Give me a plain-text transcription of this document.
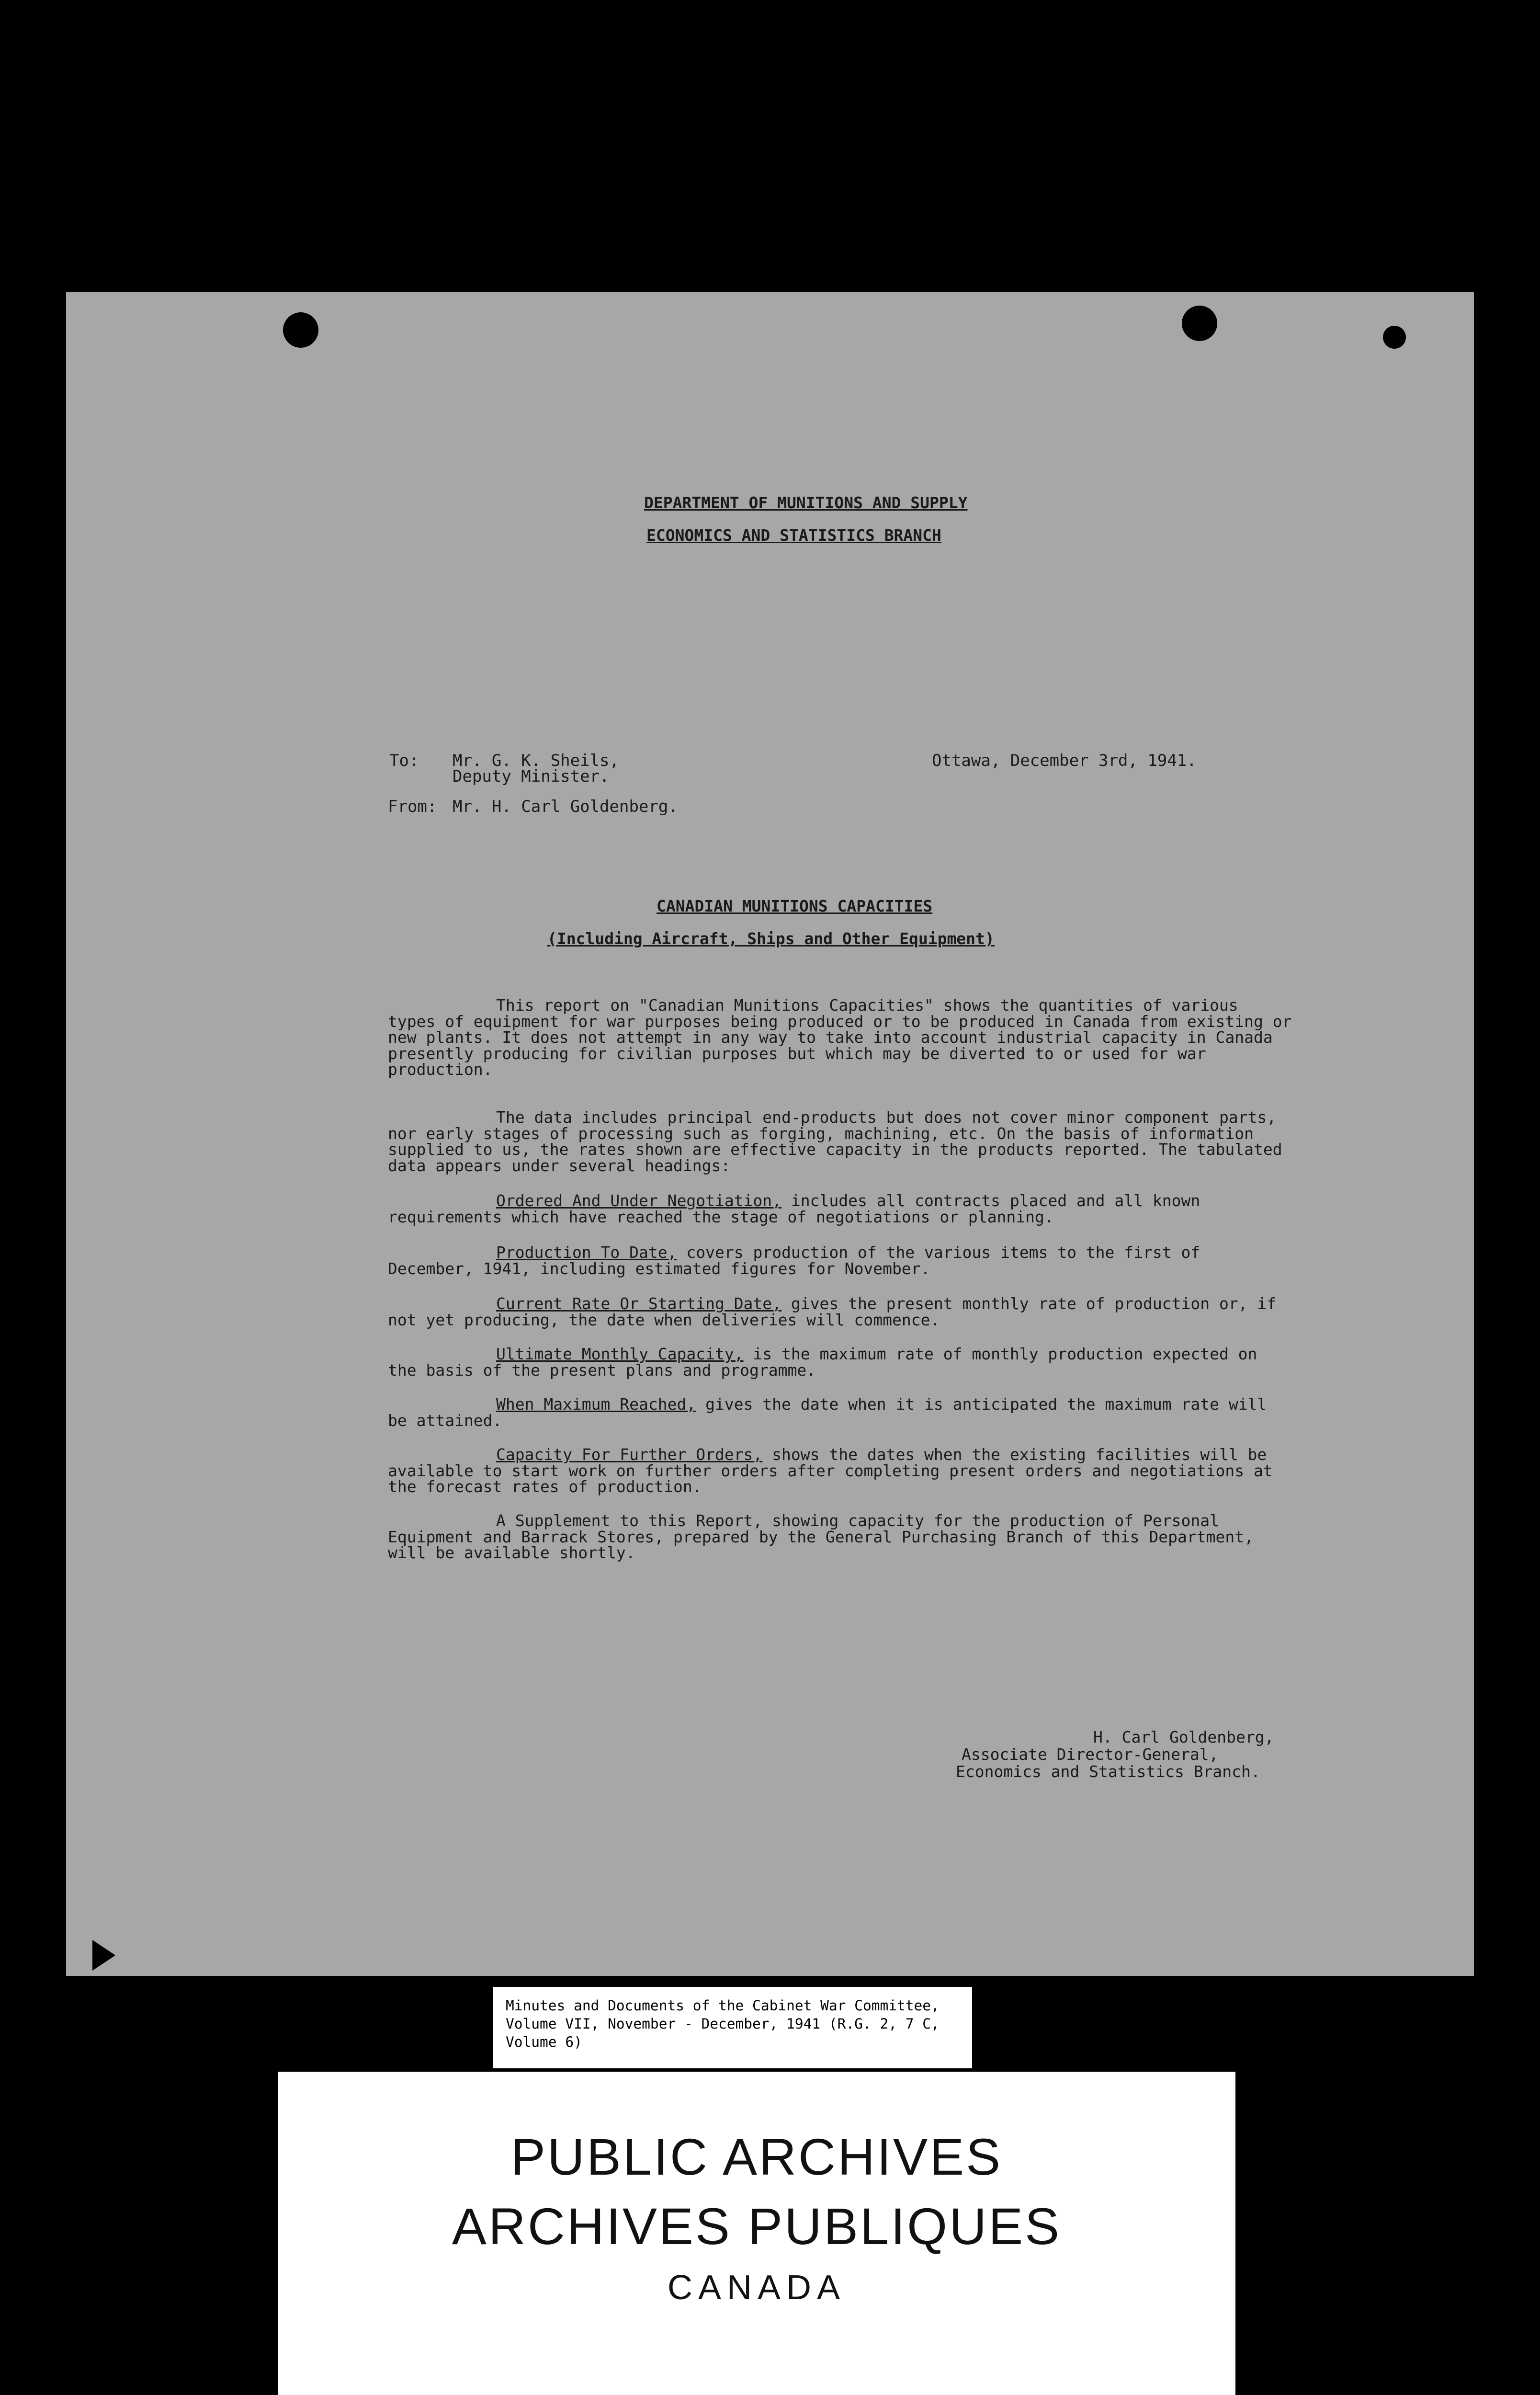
DEPARTMENT OF MUNITIONS AND SUPPLY
ECONOMICS AND STATISTICS BRANCH
To: Mr. G. K. Sheils,
Deputy Minister.
Ottawa, December 3rd, 1941.
From: Mr. H. Carl Goldenberg.
CANADIAN MUNITIONS CAPACITIES
(Including Aircraft, Ships and Other Equipment)
This report on "Canadian Munitions Capacities" shows the quantities of various types of equipment for war purposes being produced or to be produced in Canada from existing or new plants. It does not attempt in any way to take into account industrial capacity in Canada presently producing for civilian purposes but which may be diverted to or used for war production.
The data includes principal end-products but does not cover minor component parts, nor early stages of processing such as forging, machining, etc. On the basis of information supplied to us, the rates shown are effective capacity in the products reported. The tabulated data appears under several headings:
Ordered And Under Negotiation, includes all contracts placed and all known requirements which have reached the stage of negotiations or planning.
Production To Date, covers production of the various items to the first of December, 1941, including estimated figures for November.
Current Rate Or Starting Date, gives the present monthly rate of production or, if not yet producing, the date when deliveries will commence.
Ultimate Monthly Capacity, is the maximum rate of monthly production expected on the basis of the present plans and programme.
When Maximum Reached, gives the date when it is anticipated the maximum rate will be attained.
Capacity For Further Orders, shows the dates when the existing facilities will be available to start work on further orders after completing present orders and negotiations at the forecast rates of production.
A Supplement to this Report, showing capacity for the production of Personal Equipment and Barrack Stores, prepared by the General Purchasing Branch of this Department, will be available shortly.
H. Carl Goldenberg,
Associate Director-General,
Economics and Statistics Branch.
Minutes and Documents of the Cabinet War Committee,
Volume VII, November - December, 1941 (R.G. 2, 7 C,
Volume 6)
PUBLIC ARCHIVES
ARCHIVES PUBLIQUES
CANADA
